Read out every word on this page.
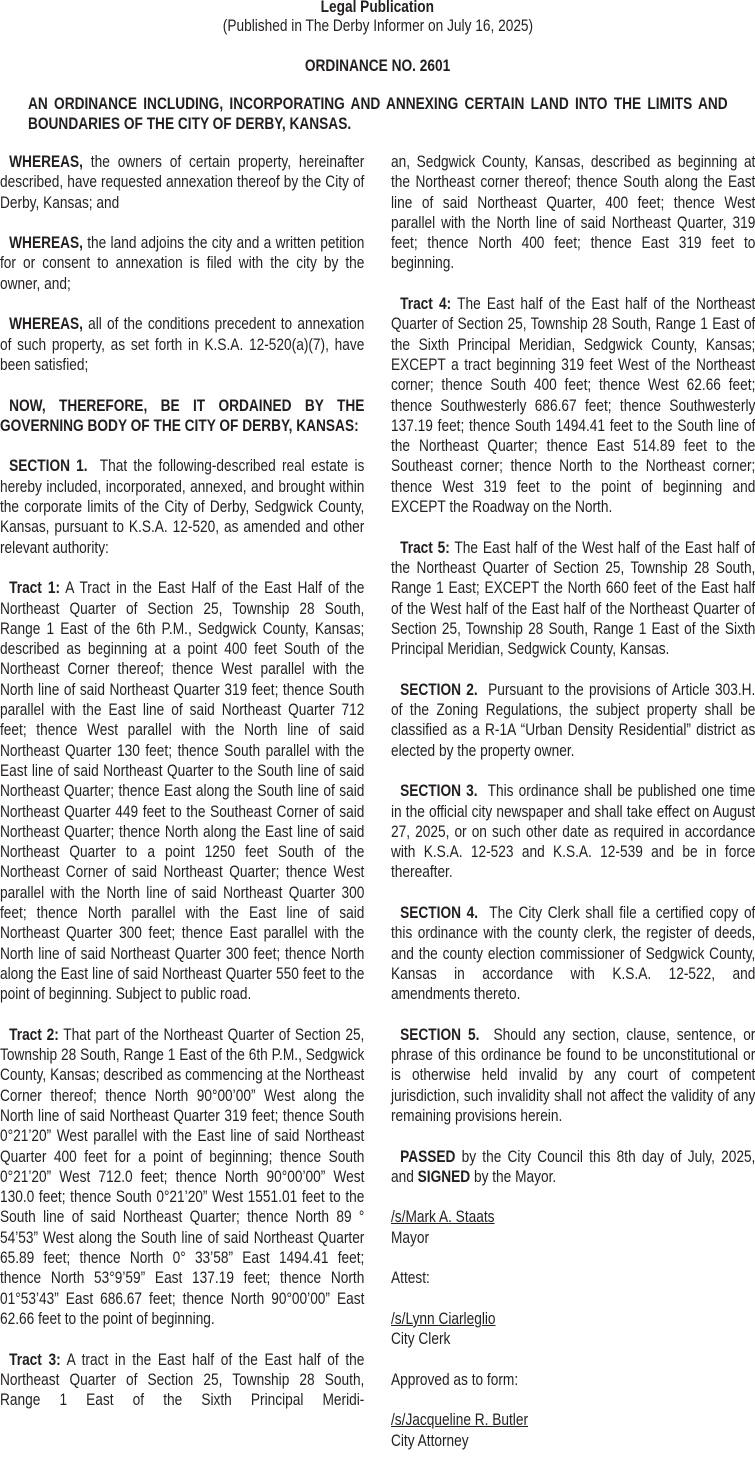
Legal Publication
(Published in The Derby Informer on July 16, 2025)
ORDINANCE NO. 2601
AN ORDINANCE INCLUDING, INCORPORATING AND ANNEXING CERTAIN LAND INTO THE LIMITS AND BOUNDARIES OF THE CITY OF DERBY, KANSAS.

WHEREAS, the owners of certain property, hereinafter described, have requested annexation thereof by the City of Derby, Kansas; and

WHEREAS, the land adjoins the city and a written petition for or consent to annexation is filed with the city by the owner, and;

WHEREAS, all of the conditions precedent to annexation of such property, as set forth in K.S.A. 12-520(a)(7), have been satisfied;

NOW, THEREFORE, BE IT ORDAINED BY THE GOVERNING BODY OF THE CITY OF DERBY, KANSAS:

SECTION 1.  That the following-described real estate is hereby included, incorporated, annexed, and brought within the corporate limits of the City of Derby, Sedgwick County, Kansas, pursuant to K.S.A. 12-520, as amended and other relevant authority:

Tract 1: A Tract in the East Half of the East Half of the Northeast Quarter of Section 25, Township 28 South, Range 1 East of the 6th P.M., Sedgwick County, Kansas; described as beginning at a point 400 feet South of the Northeast Corner thereof; thence West parallel with the North line of said Northeast Quarter 319 feet; thence South parallel with the East line of said Northeast Quarter 712 feet; thence West parallel with the North line of said Northeast Quarter 130 feet; thence South parallel with the East line of said Northeast Quarter to the South line of said Northeast Quarter; thence East along the South line of said Northeast Quarter 449 feet to the Southeast Corner of said Northeast Quarter; thence North along the East line of said Northeast Quarter to a point 1250 feet South of the Northeast Corner of said Northeast Quarter; thence West parallel with the North line of said Northeast Quarter 300 feet; thence North parallel with the East line of said Northeast Quarter 300 feet; thence East parallel with the North line of said Northeast Quarter 300 feet; thence North along the East line of said Northeast Quarter 550 feet to the point of beginning. Subject to public road.

Tract 2: That part of the Northeast Quarter of Section 25, Township 28 South, Range 1 East of the 6th P.M., Sedgwick County, Kansas; described as commencing at the Northeast Corner thereof; thence North 90°00’00” West along the North line of said Northeast Quarter 319 feet; thence South 0°21’20” West parallel with the East line of said Northeast Quarter 400 feet for a point of beginning; thence South 0°21’20” West 712.0 feet; thence North 90°00’00” West 130.0 feet; thence South 0°21’20” West 1551.01 feet to the South line of said Northeast Quarter; thence North 89 ° 54’53” West along the South line of said Northeast Quarter 65.89 feet; thence North 0° 33’58” East 1494.41 feet; thence North 53°9’59” East 137.19 feet; thence North 01°53’43” East 686.67 feet; thence North 90°00’00” East 62.66 feet to the point of beginning.

Tract 3: A tract in the East half of the East half of the Northeast Quarter of Section 25, Township 28 South, Range 1 East of the Sixth Principal Meridi-

an, Sedgwick County, Kansas, described as beginning at the Northeast corner thereof; thence South along the East line of said Northeast Quarter, 400 feet; thence West parallel with the North line of said Northeast Quarter, 319 feet; thence North 400 feet; thence East 319 feet to beginning.

Tract 4: The East half of the East half of the Northeast Quarter of Section 25, Township 28 South, Range 1 East of the Sixth Principal Meridian, Sedgwick County, Kansas; EXCEPT a tract beginning 319 feet West of the Northeast corner; thence South 400 feet; thence West 62.66 feet; thence Southwesterly 686.67 feet; thence Southwesterly 137.19 feet; thence South 1494.41 feet to the South line of the Northeast Quarter; thence East 514.89 feet to the Southeast corner; thence North to the Northeast corner; thence West 319 feet to the point of beginning and EXCEPT the Roadway on the North.

Tract 5: The East half of the West half of the East half of the Northeast Quarter of Section 25, Township 28 South, Range 1 East; EXCEPT the North 660 feet of the East half of the West half of the East half of the Northeast Quarter of Section 25, Township 28 South, Range 1 East of the Sixth Principal Meridian, Sedgwick County, Kansas.

SECTION 2.  Pursuant to the provisions of Article 303.H. of the Zoning Regulations, the subject property shall be classified as a R-1A “Urban Density Residential” district as elected by the property owner.

SECTION 3.  This ordinance shall be published one time in the official city newspaper and shall take effect on August 27, 2025, or on such other date as required in accordance with K.S.A. 12-523 and K.S.A. 12-539 and be in force thereafter.

SECTION 4.  The City Clerk shall file a certified copy of this ordinance with the county clerk, the register of deeds, and the county election commissioner of Sedgwick County, Kansas in accordance with K.S.A. 12-522, and amendments thereto.

SECTION 5.  Should any section, clause, sentence, or phrase of this ordinance be found to be unconstitutional or is otherwise held invalid by any court of competent jurisdiction, such invalidity shall not affect the validity of any remaining provisions herein.

PASSED by the City Council this 8th day of July, 2025, and SIGNED by the Mayor.

/s/Mark A. Staats
Mayor
Attest:
/s/Lynn Ciarleglio
City Clerk
Approved as to form:
/s/Jacqueline R. Butler
City Attorney
